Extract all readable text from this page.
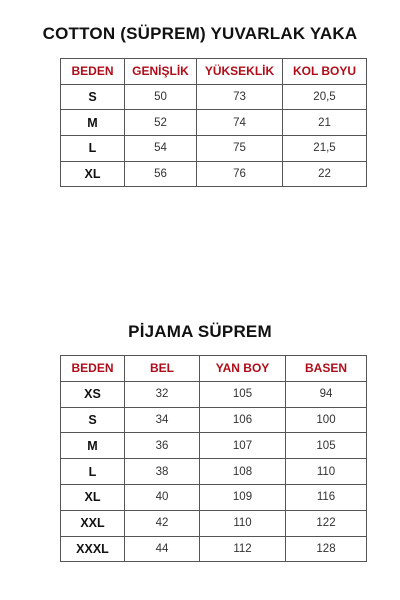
COTTON (SÜPREM) YUVARLAK YAKA
BEDEN	GENİŞLİK	YÜKSEKLİK	KOL BOYU
S	50	73	20,5
M	52	74	21
L	54	75	21,5
XL	56	76	22
PİJAMA SÜPREM
BEDEN	BEL	YAN BOY	BASEN
XS	32	105	94
S	34	106	100
M	36	107	105
L	38	108	110
XL	40	109	116
XXL	42	110	122
XXXL	44	112	128
